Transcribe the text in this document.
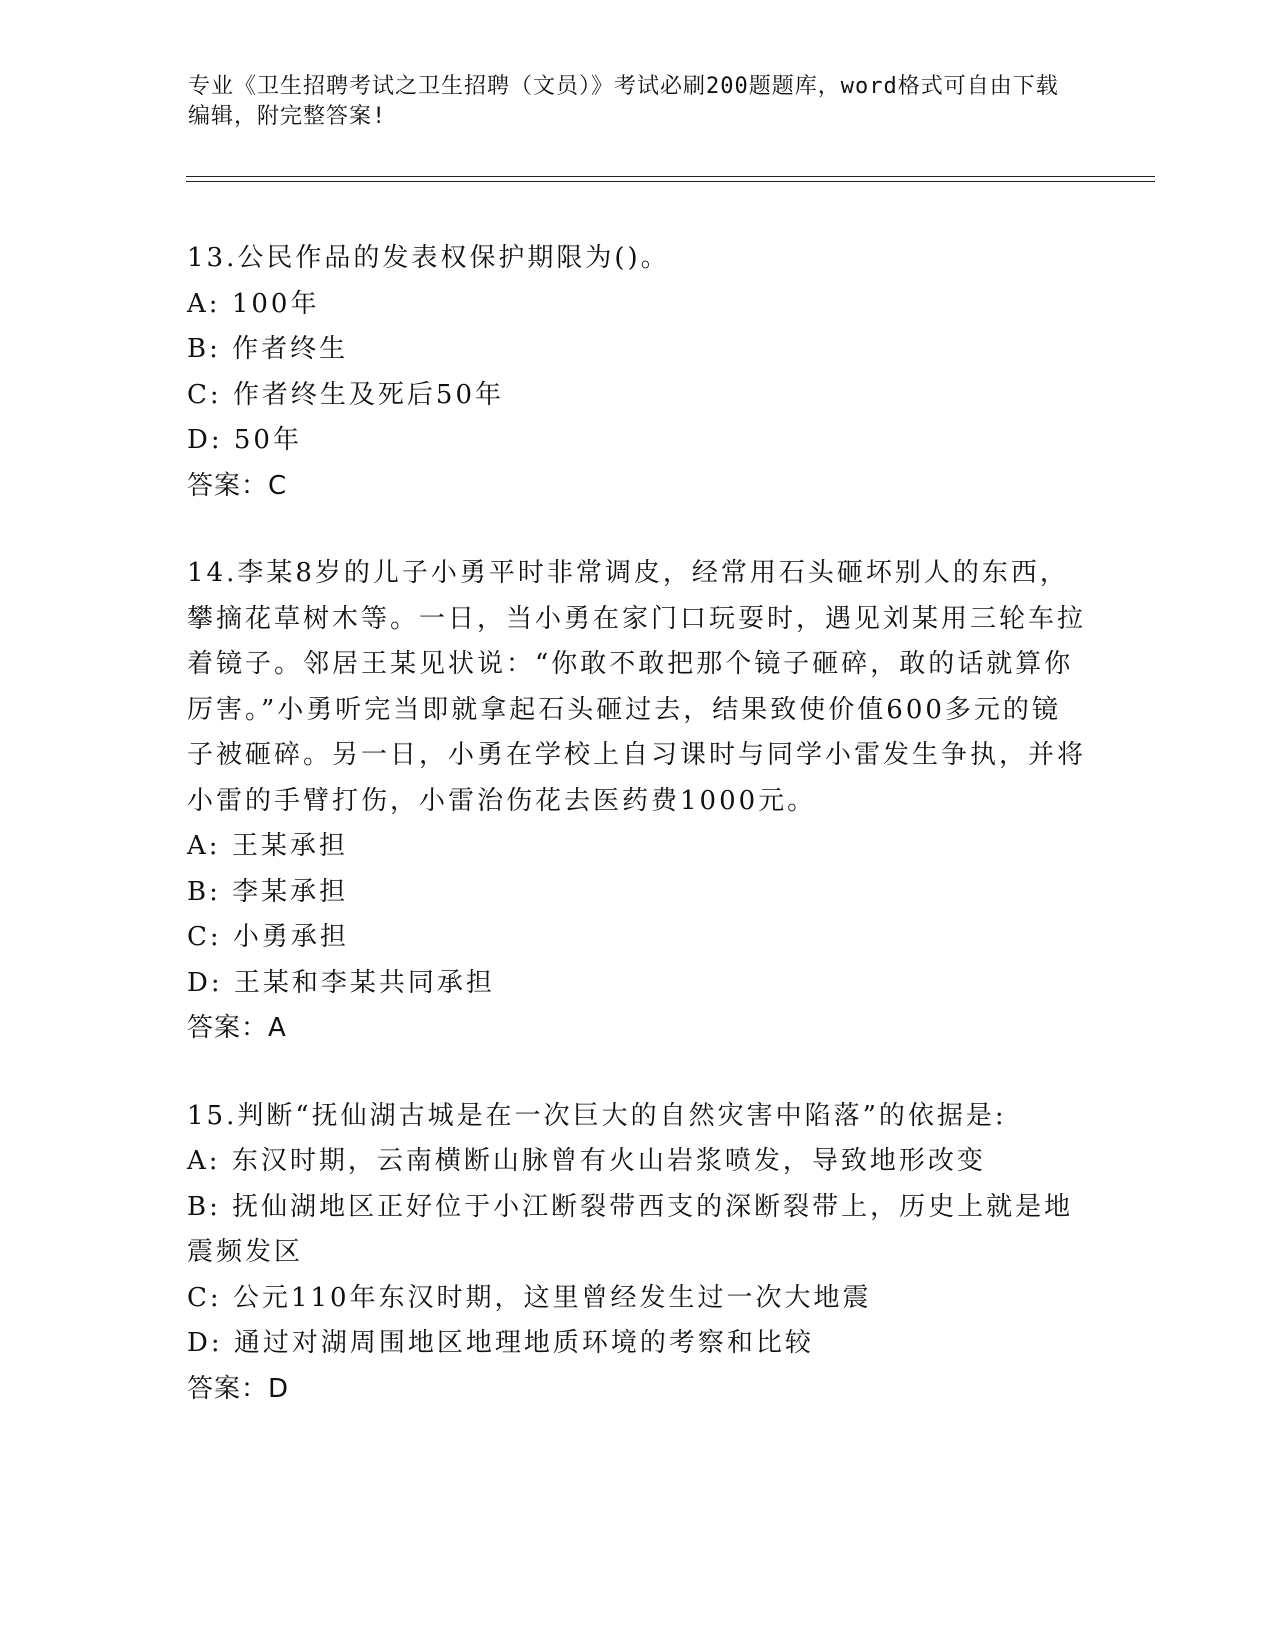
专业《卫生招聘考试之卫生招聘（文员）》考试必刷200题题库，word格式可自由下载编辑，附完整答案!

13.公民作品的发表权保护期限为()。

A: 100年
B: 作者终生
C: 作者终生及死后50年
D: 50年
答案：C

14.李某8岁的儿子小勇平时非常调皮，经常用石头砸坏别人的东西，攀摘花草树木等。一日，当小勇在家门口玩耍时，遇见刘某用三轮车拉着镜子。邻居王某见状说：“你敢不敢把那个镜子砸碎，敢的话就算你厉害。”小勇听完当即就拿起石头砸过去，结果致使价值600多元的镜子被砸碎。另一日，小勇在学校上自习课时与同学小雷发生争执，并将小雷的手臂打伤，小雷治伤花去医药费1000元。

A: 王某承担
B: 李某承担
C: 小勇承担
D: 王某和李某共同承担
答案：A

15.判断“抚仙湖古城是在一次巨大的自然灾害中陷落”的依据是:

A: 东汉时期，云南横断山脉曾有火山岩浆喷发，导致地形改变
B: 抚仙湖地区正好位于小江断裂带西支的深断裂带上，历史上就是地震频发区
C: 公元110年东汉时期，这里曾经发生过一次大地震
D: 通过对湖周围地区地理地质环境的考察和比较
答案：D
